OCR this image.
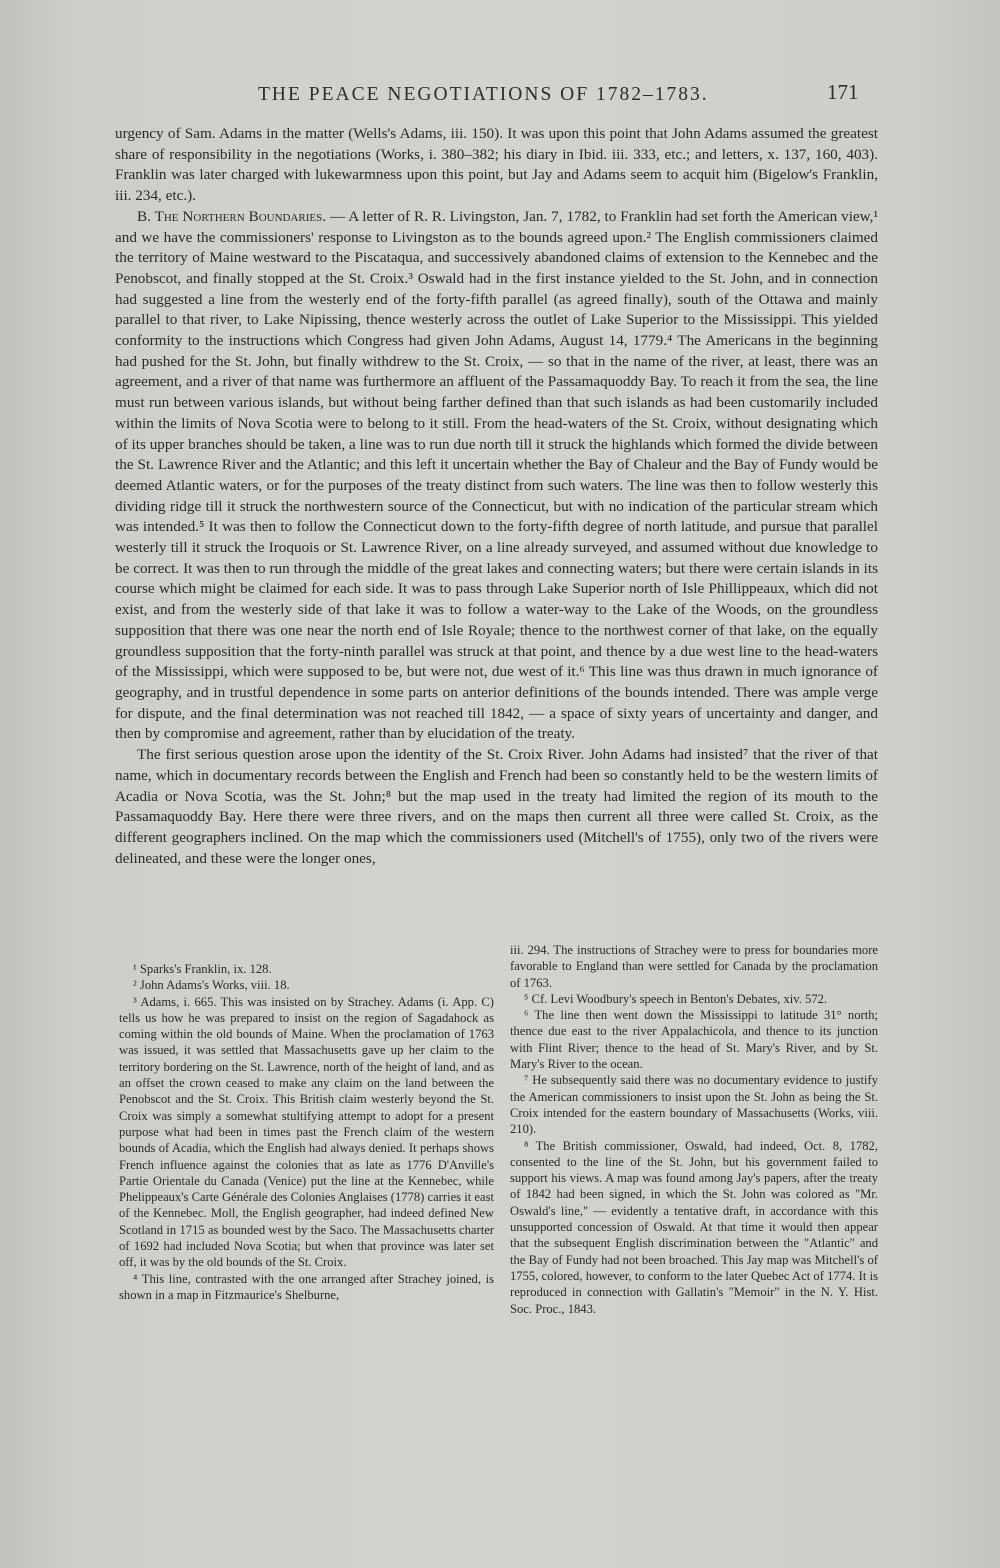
THE PEACE NEGOTIATIONS OF 1782–1783.	171

urgency of Sam. Adams in the matter (Wells's Adams, iii. 150). It was upon this point that John Adams assumed the greatest share of responsibility in the negotiations (Works, i. 380–382; his diary in Ibid. iii. 333, etc.; and letters, x. 137, 160, 403). Franklin was later charged with lukewarmness upon this point, but Jay and Adams seem to acquit him (Bigelow's Franklin, iii. 234, etc.).

B. The Northern Boundaries. — A letter of R. R. Livingston, Jan. 7, 1782, to Franklin had set forth the American view,¹ and we have the commissioners' response to Livingston as to the bounds agreed upon.² The English commissioners claimed the territory of Maine westward to the Piscataqua, and successively abandoned claims of extension to the Kennebec and the Penobscot, and finally stopped at the St. Croix.³ Oswald had in the first instance yielded to the St. John, and in connection had suggested a line from the westerly end of the forty-fifth parallel (as agreed finally), south of the Ottawa and mainly parallel to that river, to Lake Nipissing, thence westerly across the outlet of Lake Superior to the Mississippi. This yielded conformity to the instructions which Congress had given John Adams, August 14, 1779.⁴ The Americans in the beginning had pushed for the St. John, but finally withdrew to the St. Croix, — so that in the name of the river, at least, there was an agreement, and a river of that name was furthermore an affluent of the Passamaquoddy Bay. To reach it from the sea, the line must run between various islands, but without being farther defined than that such islands as had been customarily included within the limits of Nova Scotia were to belong to it still. From the head-waters of the St. Croix, without designating which of its upper branches should be taken, a line was to run due north till it struck the highlands which formed the divide between the St. Lawrence River and the Atlantic; and this left it uncertain whether the Bay of Chaleur and the Bay of Fundy would be deemed Atlantic waters, or for the purposes of the treaty distinct from such waters. The line was then to follow westerly this dividing ridge till it struck the northwestern source of the Connecticut, but with no indication of the particular stream which was intended.⁵ It was then to follow the Connecticut down to the forty-fifth degree of north latitude, and pursue that parallel westerly till it struck the Iroquois or St. Lawrence River, on a line already surveyed, and assumed without due knowledge to be correct. It was then to run through the middle of the great lakes and connecting waters; but there were certain islands in its course which might be claimed for each side. It was to pass through Lake Superior north of Isle Phillippeaux, which did not exist, and from the westerly side of that lake it was to follow a water-way to the Lake of the Woods, on the groundless supposition that there was one near the north end of Isle Royale; thence to the northwest corner of that lake, on the equally groundless supposition that the forty-ninth parallel was struck at that point, and thence by a due west line to the head-waters of the Mississippi, which were supposed to be, but were not, due west of it.⁶ This line was thus drawn in much ignorance of geography, and in trustful dependence in some parts on anterior definitions of the bounds intended. There was ample verge for dispute, and the final determination was not reached till 1842, — a space of sixty years of uncertainty and danger, and then by compromise and agreement, rather than by elucidation of the treaty.

The first serious question arose upon the identity of the St. Croix River. John Adams had insisted⁷ that the river of that name, which in documentary records between the English and French had been so constantly held to be the western limits of Acadia or Nova Scotia, was the St. John;⁸ but the map used in the treaty had limited the region of its mouth to the Passamaquoddy Bay. Here there were three rivers, and on the maps then current all three were called St. Croix, as the different geographers inclined. On the map which the commissioners used (Mitchell's of 1755), only two of the rivers were delineated, and these were the longer ones,

¹ Sparks's Franklin, ix. 128.

² John Adams's Works, viii. 18.

³ Adams, i. 665. This was insisted on by Strachey. Adams (i. App. C) tells us how he was prepared to insist on the region of Sagadahock as coming within the old bounds of Maine. When the proclamation of 1763 was issued, it was settled that Massachusetts gave up her claim to the territory bordering on the St. Lawrence, north of the height of land, and as an offset the crown ceased to make any claim on the land between the Penobscot and the St. Croix. This British claim westerly beyond the St. Croix was simply a somewhat stultifying attempt to adopt for a present purpose what had been in times past the French claim of the western bounds of Acadia, which the English had always denied. It perhaps shows French influence against the colonies that as late as 1776 D'Anville's Partie Orientale du Canada (Venice) put the line at the Kennebec, while Phelippeaux's Carte Générale des Colonies Anglaises (1778) carries it east of the Kennebec. Moll, the English geographer, had indeed defined New Scotland in 1715 as bounded west by the Saco. The Massachusetts charter of 1692 had included Nova Scotia; but when that province was later set off, it was by the old bounds of the St. Croix.

⁴ This line, contrasted with the one arranged after Strachey joined, is shown in a map in Fitzmaurice's Shelburne,

iii. 294. The instructions of Strachey were to press for boundaries more favorable to England than were settled for Canada by the proclamation of 1763.

⁵ Cf. Levi Woodbury's speech in Benton's Debates, xiv. 572.

⁶ The line then went down the Mississippi to latitude 31° north; thence due east to the river Appalachicola, and thence to its junction with Flint River; thence to the head of St. Mary's River, and by St. Mary's River to the ocean.

⁷ He subsequently said there was no documentary evidence to justify the American commissioners to insist upon the St. John as being the St. Croix intended for the eastern boundary of Massachusetts (Works, viii. 210).

⁸ The British commissioner, Oswald, had indeed, Oct. 8, 1782, consented to the line of the St. John, but his government failed to support his views. A map was found among Jay's papers, after the treaty of 1842 had been signed, in which the St. John was colored as "Mr. Oswald's line," — evidently a tentative draft, in accordance with this unsupported concession of Oswald. At that time it would then appear that the subsequent English discrimination between the "Atlantic" and the Bay of Fundy had not been broached. This Jay map was Mitchell's of 1755, colored, however, to conform to the later Quebec Act of 1774. It is reproduced in connection with Gallatin's "Memoir" in the N. Y. Hist. Soc. Proc., 1843.
